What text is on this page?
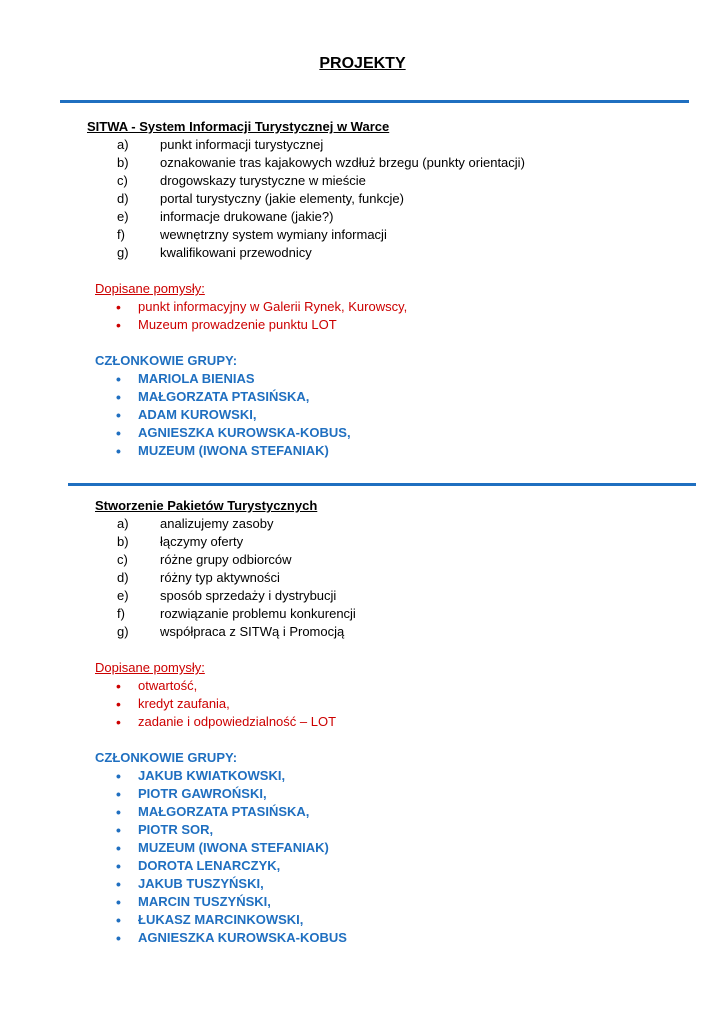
PROJEKTY
SITWA - System Informacji Turystycznej w Warce
a)	punkt informacji turystycznej
b)	oznakowanie tras kajakowych wzdłuż brzegu (punkty orientacji)
c)	drogowskazy turystyczne w mieście
d)	portal turystyczny (jakie elementy, funkcje)
e)	informacje drukowane (jakie?)
f)	wewnętrzny system wymiany informacji
g)	kwalifikowani przewodnicy
Dopisane pomysły:
• punkt informacyjny w Galerii Rynek, Kurowscy,
• Muzeum prowadzenie punktu LOT
CZŁONKOWIE GRUPY:
• MARIOLA BIENIAS
• MAŁGORZATA PTASIŃSKA,
• ADAM KUROWSKI,
• AGNIESZKA KUROWSKA-KOBUS,
• MUZEUM (IWONA STEFANIAK)
Stworzenie Pakietów Turystycznych
a)	analizujemy zasoby
b)	łączymy oferty
c)	różne grupy odbiorców
d)	różny typ aktywności
e)	sposób sprzedaży i dystrybucji
f)	rozwiązanie problemu konkurencji
g)	współpraca z SITWą i Promocją
Dopisane pomysły:
• otwartość,
• kredyt zaufania,
• zadanie i odpowiedzialność – LOT
CZŁONKOWIE GRUPY:
• JAKUB KWIATKOWSKI,
• PIOTR GAWROŃSKI,
• MAŁGORZATA PTASIŃSKA,
• PIOTR SOR,
• MUZEUM (IWONA STEFANIAK)
• DOROTA LENARCZYK,
• JAKUB TUSZYŃSKI,
• MARCIN TUSZYŃSKI,
• ŁUKASZ MARCINKOWSKI,
• AGNIESZKA KUROWSKA-KOBUS
